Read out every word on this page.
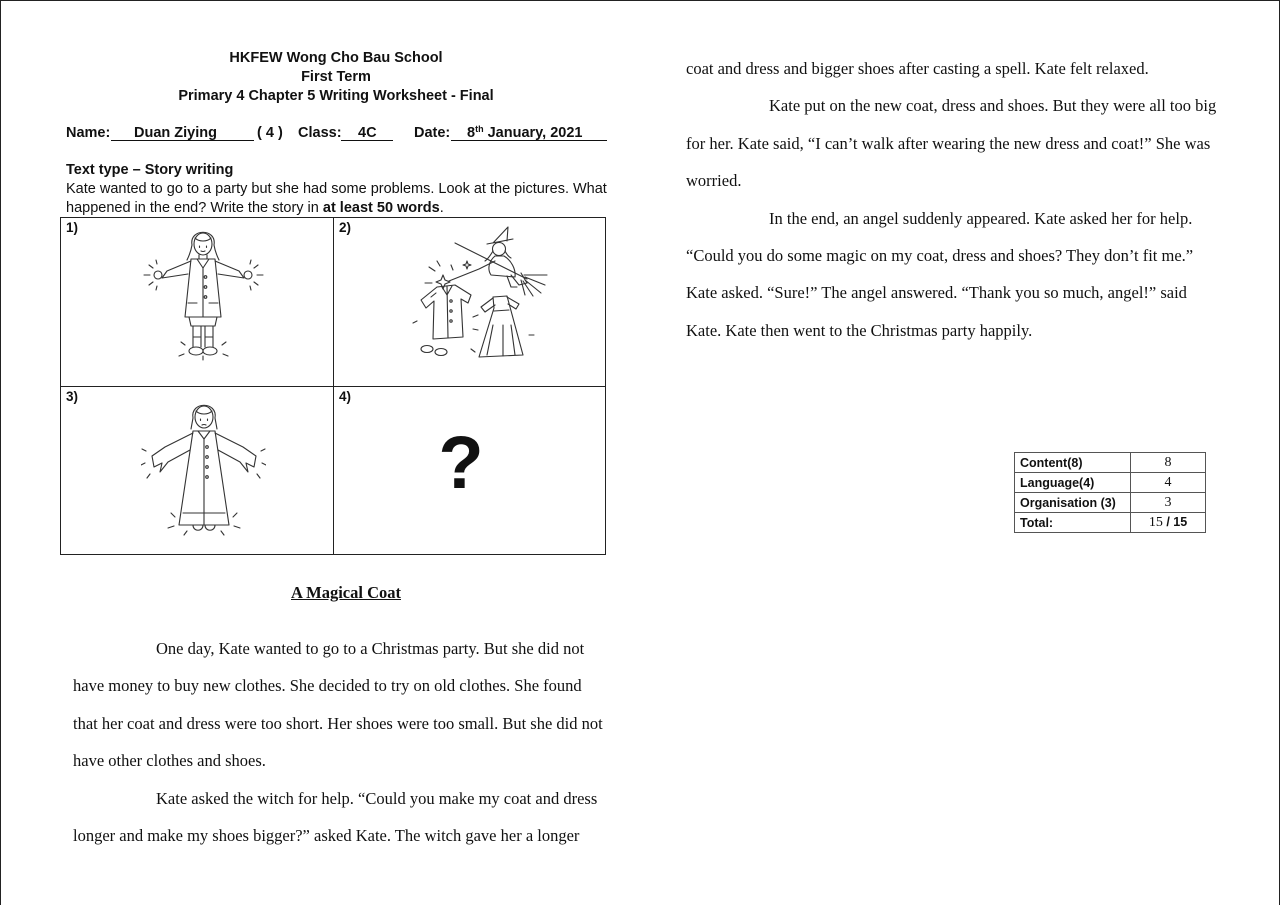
HKFEW Wong Cho Bau School
First Term
Primary 4 Chapter 5 Writing Worksheet - Final
Name:	Duan Ziying	( 4 ) Class:	4C	Date:	8th January, 2021
Text type – Story writing
Kate wanted to go to a party but she had some problems. Look at the pictures. What
happened in the end? Write the story in at least 50 words.
1)	2)
3)	4)
?
A Magical Coat
One day, Kate wanted to go to a Christmas party. But she did not
have money to buy new clothes. She decided to try on old clothes. She found
that her coat and dress were too short. Her shoes were too small. But she did not
have other clothes and shoes.
Kate asked the witch for help. “Could you make my coat and dress
longer and make my shoes bigger?” asked Kate. The witch gave her a longer
coat and dress and bigger shoes after casting a spell. Kate felt relaxed.
Kate put on the new coat, dress and shoes. But they were all too big
for her. Kate said, “I can’t walk after wearing the new dress and coat!” She was
worried.
In the end, an angel suddenly appeared. Kate asked her for help.
“Could you do some magic on my coat, dress and shoes? They don’t fit me.”
Kate asked. “Sure!” The angel answered. “Thank you so much, angel!” said
Kate. Kate then went to the Christmas party happily.
Content(8)	8
Language(4)	4
Organisation (3)	3
Total:	15 / 15
